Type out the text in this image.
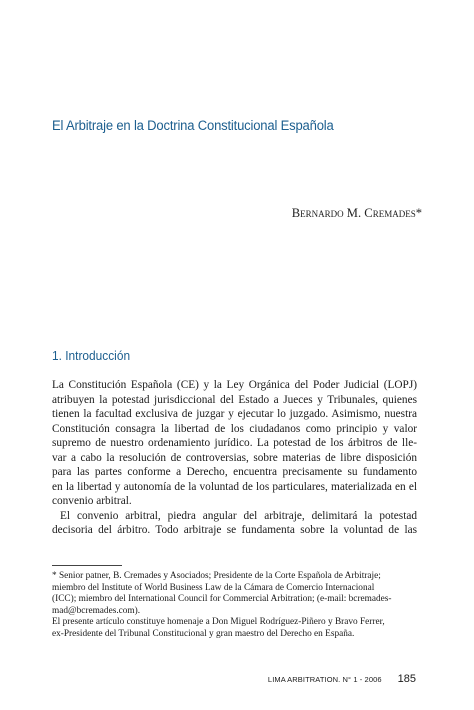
El Arbitraje en la Doctrina Constitucional Española
Bernardo M. Cremades*
1. Introducción
La Constitución Española (CE) y la Ley Orgánica del Poder Judicial (LOPJ)
atribuyen la potestad jurisdiccional del Estado a Jueces y Tribunales, quienes
tienen la facultad exclusiva de juzgar y ejecutar lo juzgado. Asimismo, nuestra
Constitución consagra la libertad de los ciudadanos como principio y valor
supremo de nuestro ordenamiento jurídico. La potestad de los árbitros de lle-
var a cabo la resolución de controversias, sobre materias de libre disposición
para las partes conforme a Derecho, encuentra precisamente su fundamento
en la libertad y autonomía de la voluntad de los particulares, materializada en el
convenio arbitral.
El convenio arbitral, piedra angular del arbitraje, delimitará la potestad
decisoria del árbitro. Todo arbitraje se fundamenta sobre la voluntad de las
* Senior patner, B. Cremades y Asociados; Presidente de la Corte Española de Arbitraje;
miembro del Institute of World Business Law de la Cámara de Comercio Internacional
(ICC); miembro del International Council for Commercial Arbitration; (e-mail: bcremades-
mad@bcremades.com).
El presente artículo constituye homenaje a Don Miguel Rodríguez-Piñero y Bravo Ferrer,
ex-Presidente del Tribunal Constitucional y gran maestro del Derecho en España.
LIMA ARBITRATION. N° 1 - 2006 185
